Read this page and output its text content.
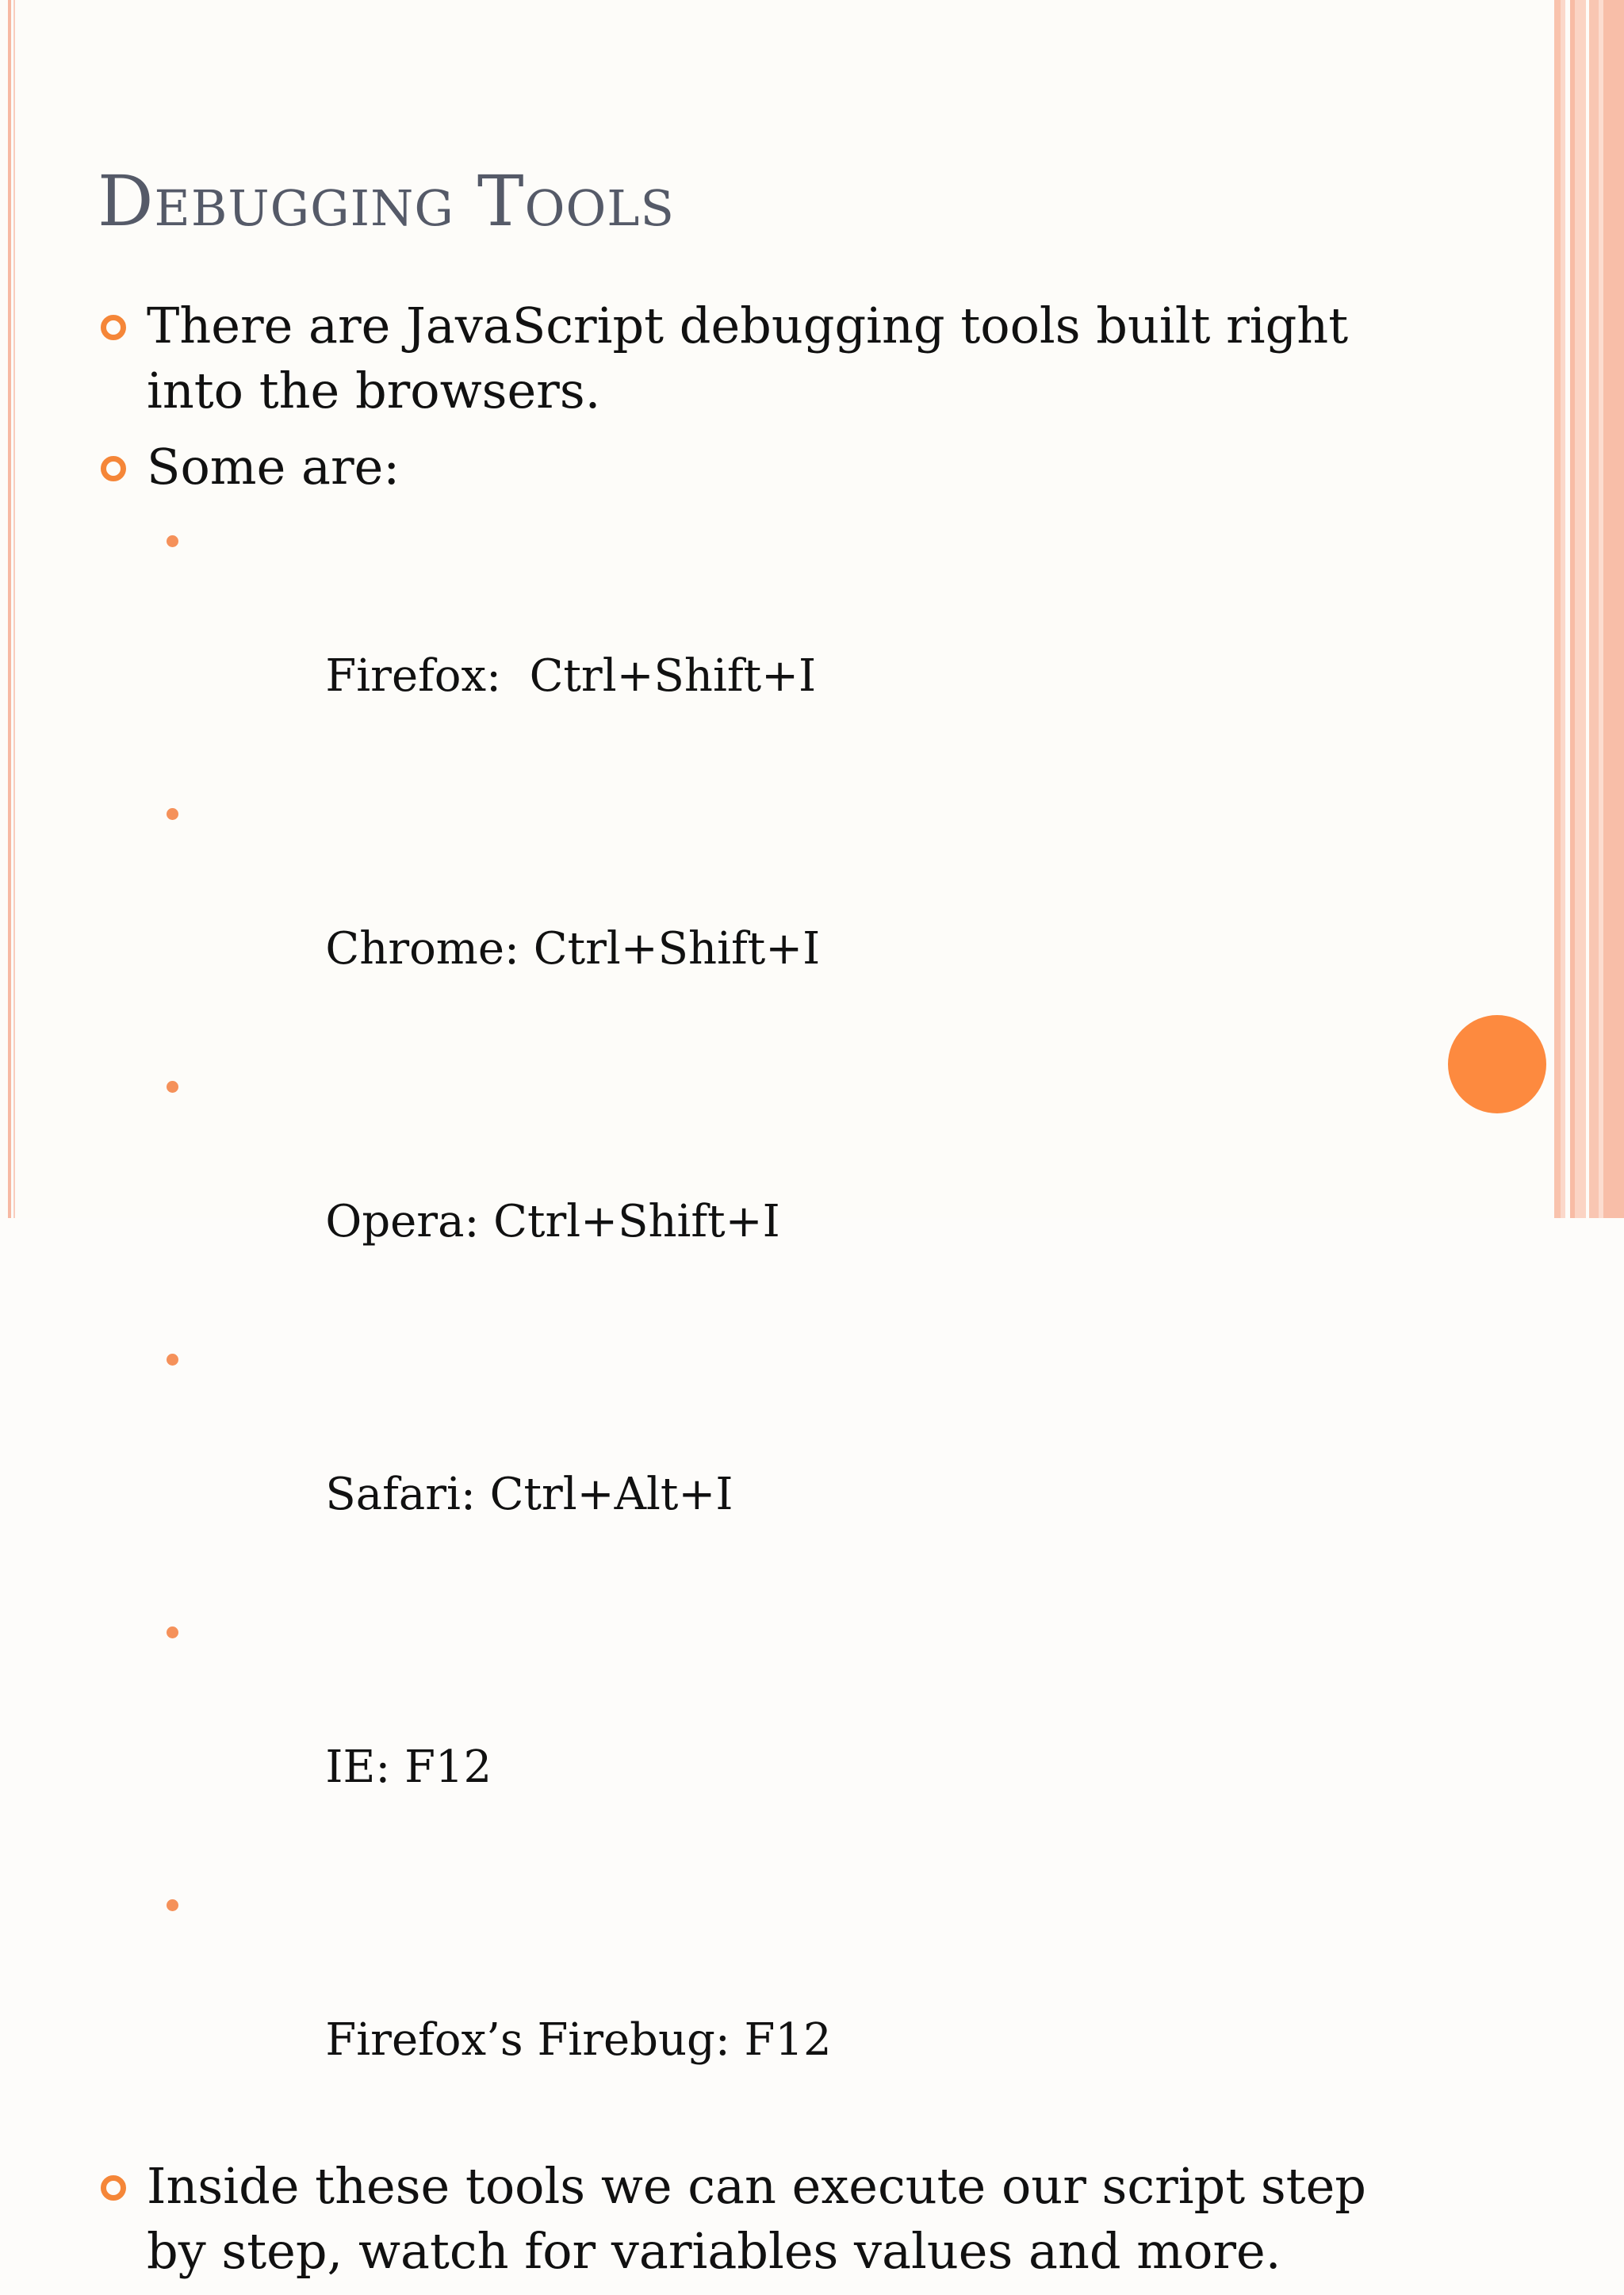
Debugging Tools
There are JavaScript debugging tools built right into the browsers.
Some are:

Firefox:  Ctrl+Shift+I

Chrome: Ctrl+Shift+I

Opera: Ctrl+Shift+I

Safari: Ctrl+Alt+I

IE: F12

Firefox’s Firebug: F12

Inside these tools we can execute our script step by step, watch for variables values and more.
